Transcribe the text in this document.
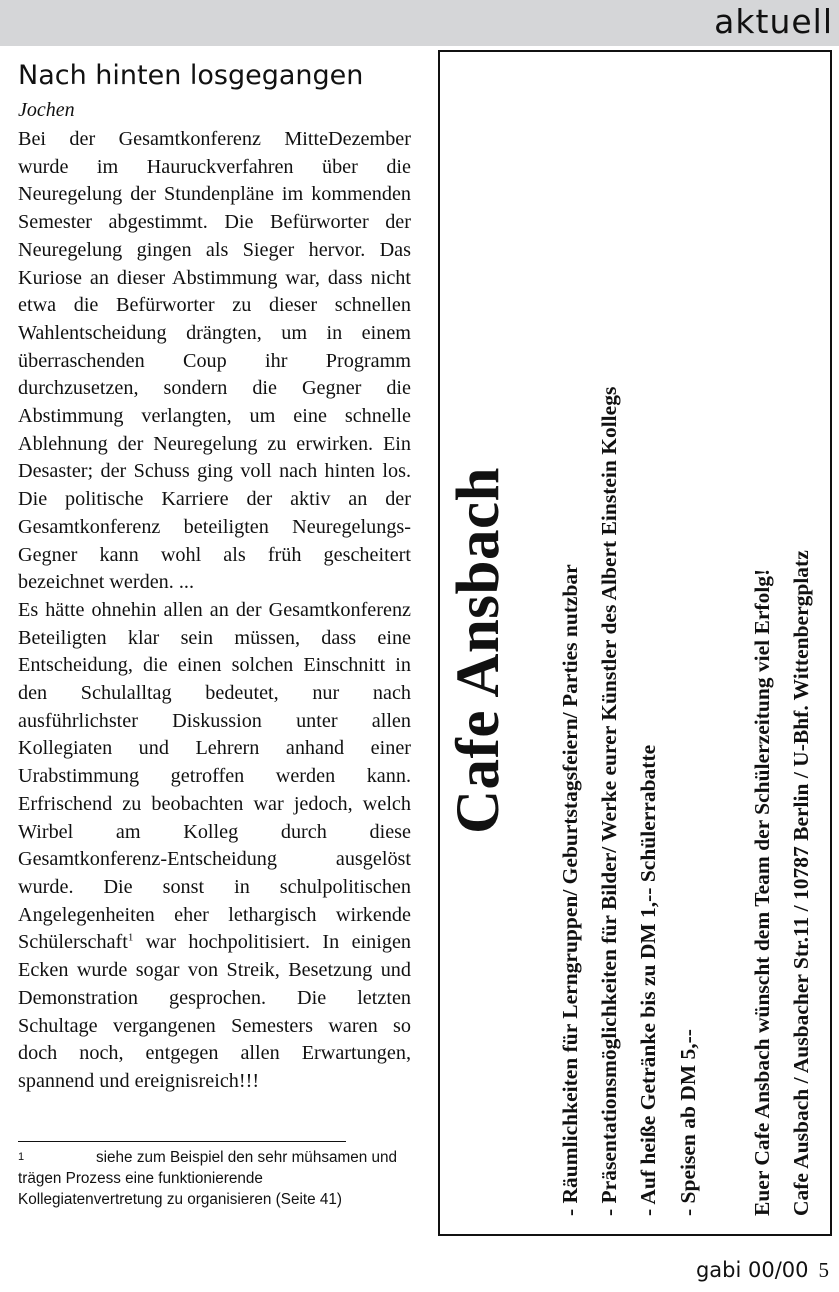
aktuell
Nach hinten losgegangen
Jochen

Bei der Gesamtkonferenz MitteDezember wurde im Hauruckverfahren über die Neuregelung der Stundenpläne im kommenden Semester abgestimmt. Die Befürworter der Neuregelung gingen als Sieger hervor. Das Kuriose an dieser Abstimmung war, dass nicht etwa die Befürworter zu dieser schnellen Wahlentscheidung drängten, um in einem überraschenden Coup ihr Programm durchzusetzen, sondern die Gegner die Abstimmung verlangten, um eine schnelle Ablehnung der Neuregelung zu erwirken. Ein Desaster; der Schuss ging voll nach hinten los. Die politische Karriere der aktiv an der Gesamtkonferenz beteiligten Neuregelungs-Gegner kann wohl als früh gescheitert bezeichnet werden. ...

Es hätte ohnehin allen an der Gesamtkonferenz Beteiligten klar sein müssen, dass eine Entscheidung, die einen solchen Einschnitt in den Schulalltag bedeutet, nur nach ausführlichster Diskussion unter allen Kollegiaten und Lehrern anhand einer Urabstimmung getroffen werden kann. Erfrischend zu beobachten war jedoch, welch Wirbel am Kolleg durch diese Gesamtkonferenz-Entscheidung ausgelöst wurde. Die sonst in schulpolitischen Angelegenheiten eher lethargisch wirkende Schülerschaft$^1$ war hochpolitisiert. In einigen Ecken wurde sogar von Streik, Besetzung und Demonstration gesprochen. Die letzten Schultage vergangenen Semesters waren so doch noch, entgegen allen Erwartungen, spannend und ereignisreich!!!

1	siehe zum Beispiel den sehr mühsamen und trägen Prozess eine funktionierende Kollegiatenvertretung zu organisieren (Seite 41)
Cafe Ansbach - Räumlichkeiten für Lerngruppen/ Geburtstagsfeiern/ Parties nutzbar - Präsentationsmöglichkeiten für Bilder/ Werke eurer Künstler des Albert Einstein Kollegs - Auf heiße Getränke bis zu DM 1,-- Schülerrabatte - Speisen ab DM 5,-- Euer Cafe Ansbach wünscht dem Team der Schülerzeitung viel Erfolg! Cafe Ausbach / Ausbacher Str.11 / 10787 Berlin / U-Bhf. Wittenbergplatz
gabi 00/00 5
